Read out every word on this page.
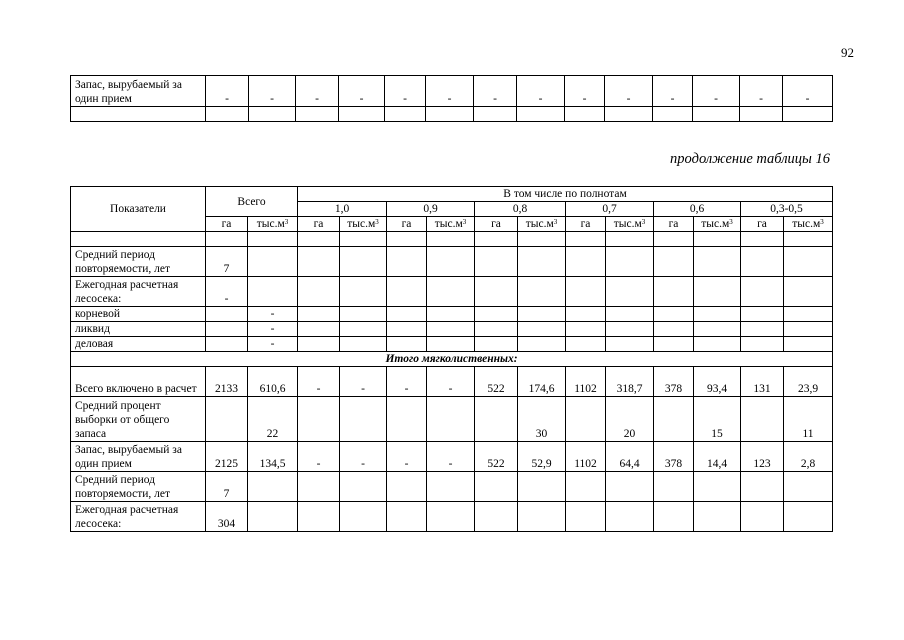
92
Запас, вырубаемый за один прием	-	-	-	-	-	-	-	-	-	-	-	-	-	-

продолжение таблицы 16
Показатели	Всего		В том числе по полнотам											
			1,0		0,9		0,8		0,7		0,6		0,3-0,5	
	га	$тыс.м^3$	га	$тыс.м^3$	га	$тыс.м^3$	га	$тыс.м^3$	га	$тыс.м^3$	га	$тыс.м^3$	га	$тыс.м^3$

Средний период повторяемости, лет	7													
Ежегодная расчетная лесосека:	-													
корневой		-												
ликвид		-												
деловая		-												
Итого мягколиственных:														
Всего включено в расчет	2133	610,6	-	-	-	-	522	174,6	1102	318,7	378	93,4	131	23,9
Средний процент выборки от общего запаса		22						30		20		15		11
Запас, вырубаемый за один прием	2125	134,5	-	-	-	-	522	52,9	1102	64,4	378	14,4	123	2,8
Средний период повторяемости, лет	7													
Ежегодная расчетная лесосека:	304													
